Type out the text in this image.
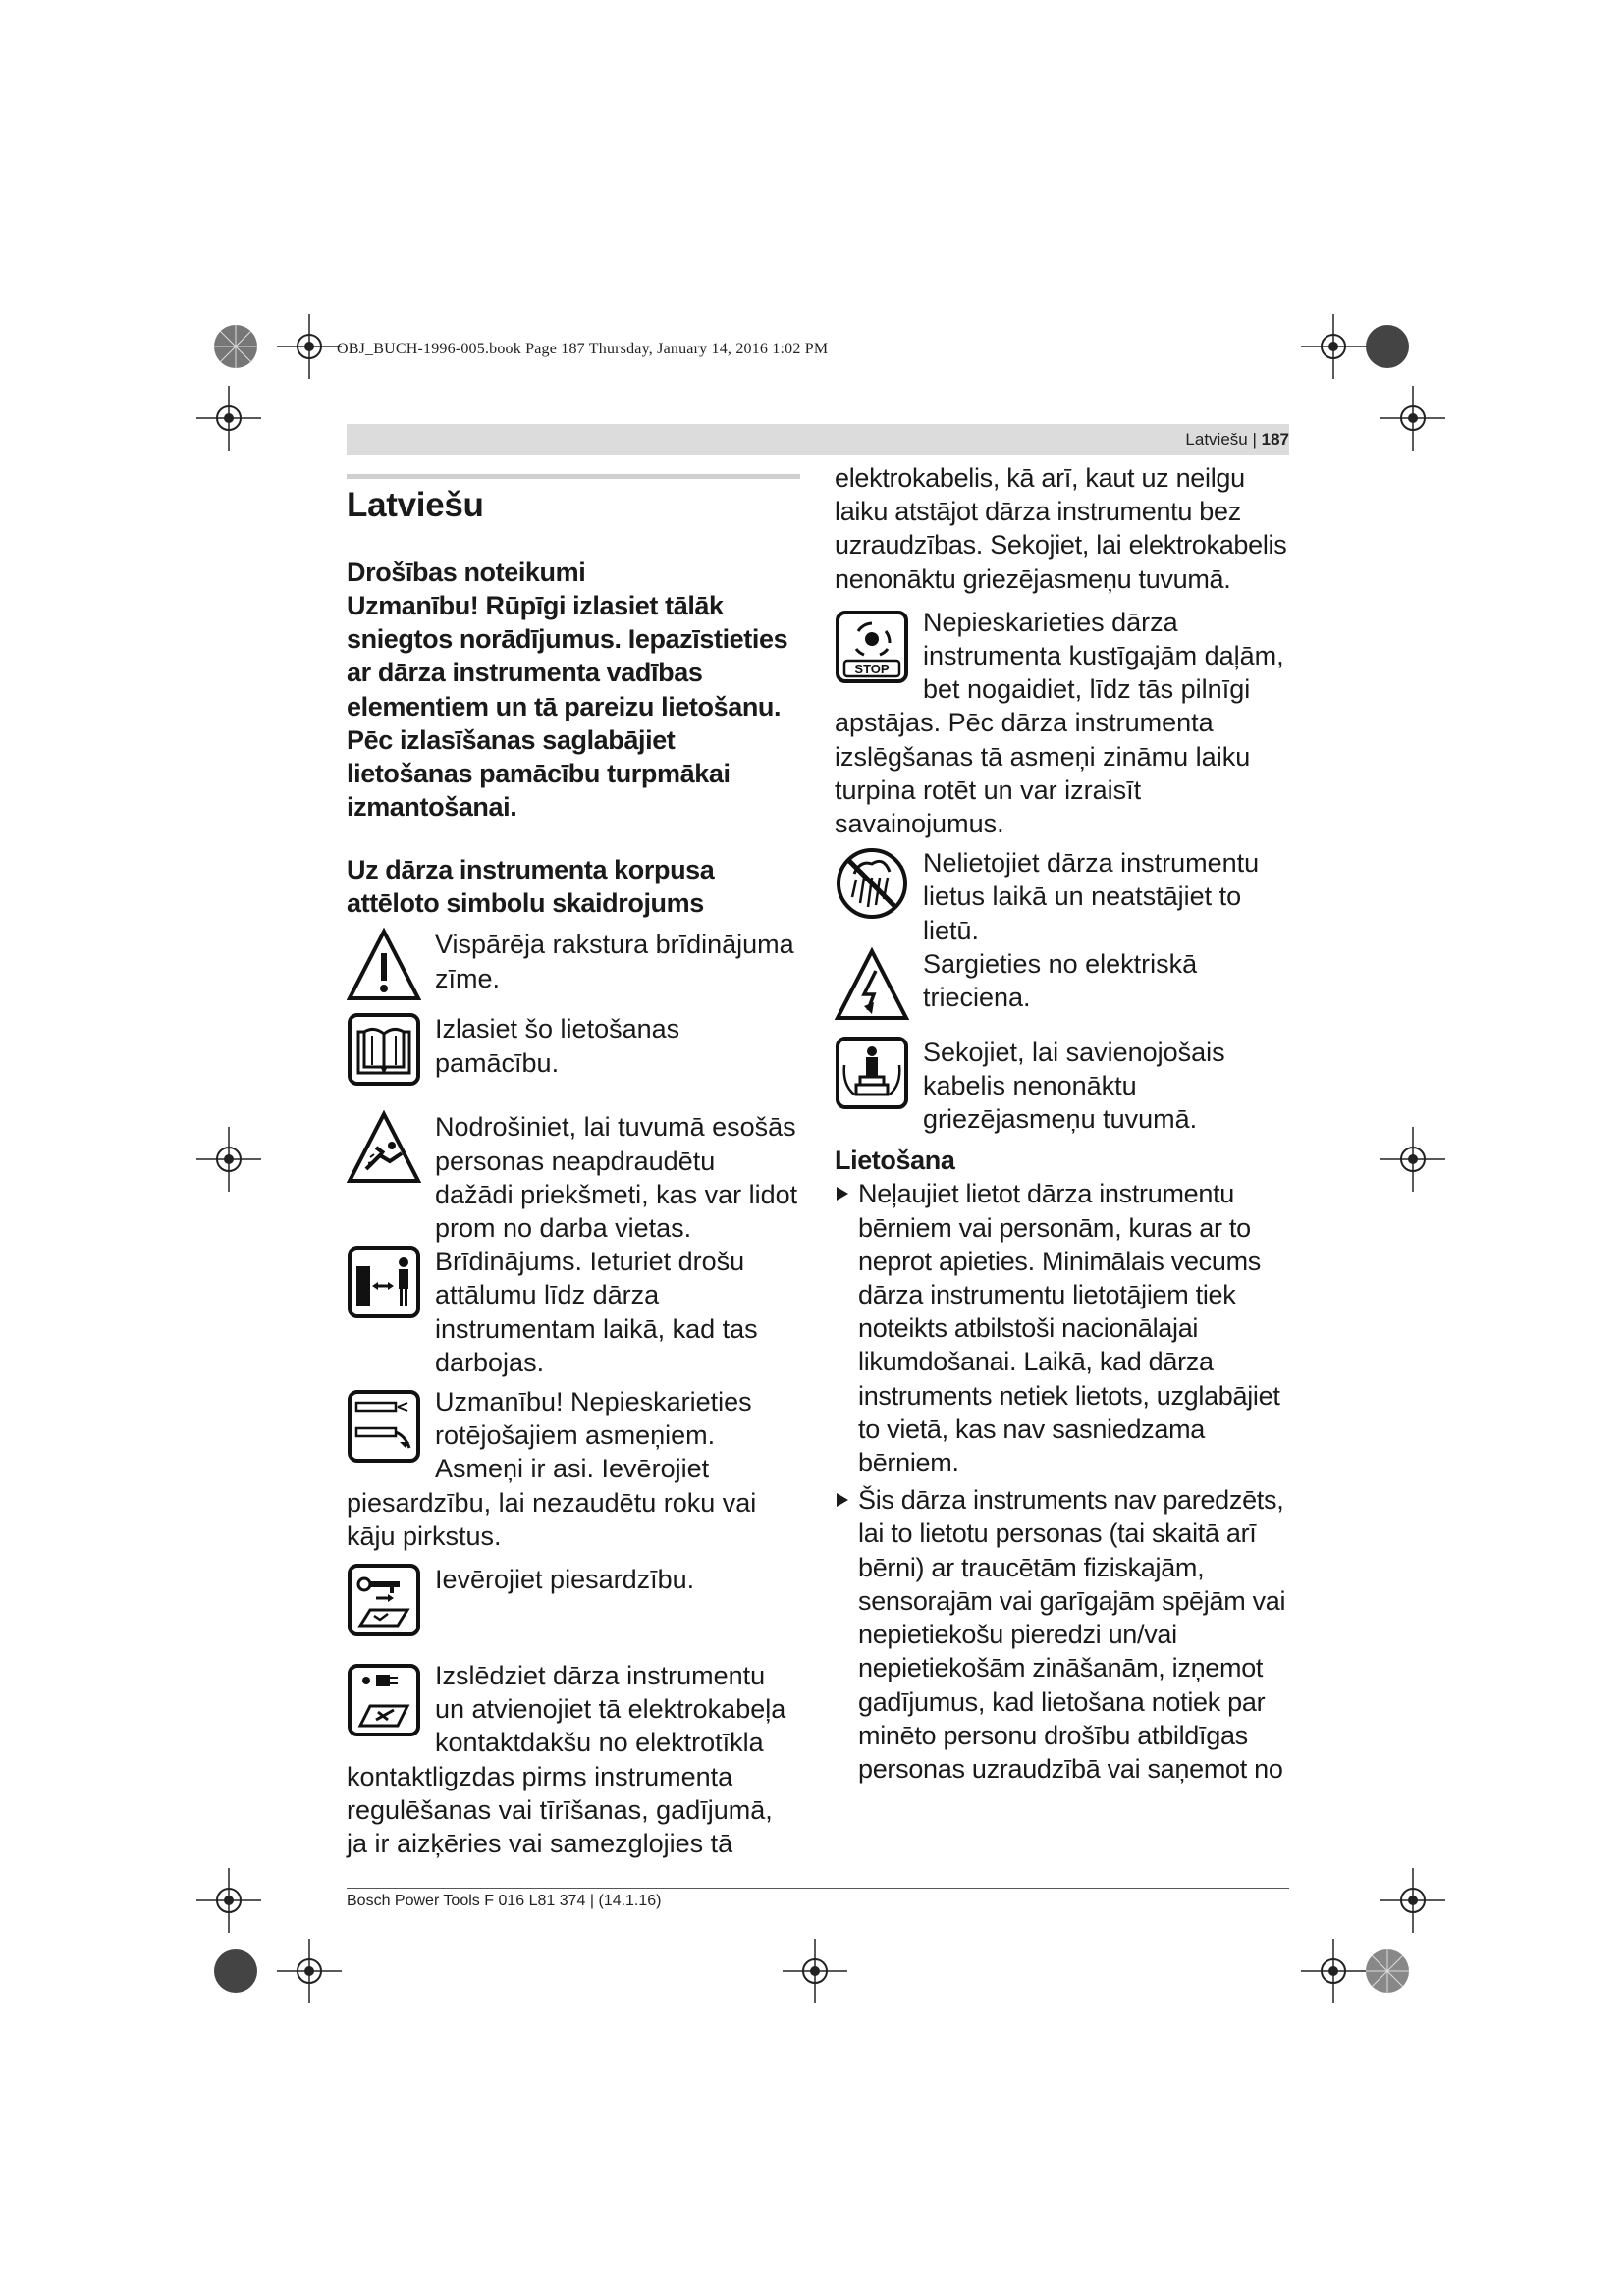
OBJ_BUCH-1996-005.book Page 187 Thursday, January 14, 2016 1:02 PM
Latviešu | 187
Latviešu
Drošības noteikumi

Uzmanību! Rūpīgi izlasiet tālāk sniegtos norādījumus. Iepazīstieties ar dārza instrumenta vadības elementiem un tā pareizu lietošanu.

Pēc izlasīšanas saglabājiet lietošanas pamācību turpmākai izmantošanai.

Uz dārza instrumenta korpusa attēloto simbolu skaidrojums
Vispārēja rakstura brīdinājuma zīme.
Izlasiet šo lietošanas pamācību.
Nodrošiniet, lai tuvumā esošās personas neapdraudētu dažādi priekšmeti, kas var lidot prom no darba vietas.
Brīdinājums. Ieturiet drošu attālumu līdz dārza instrumentam laikā, kad tas darbojas.
Uzmanību! Nepieskarieties rotējošajiem asmeņiem. Asmeņi ir asi. Ievērojiet piesardzību, lai nezaudētu roku vai kāju pirkstus.
Ievērojiet piesardzību.
Izslēdziet dārza instrumentu un atvienojiet tā elektrokabeļa kontaktdakšu no elektrotīkla kontaktligzdas pirms instrumenta regulēšanas vai tīrīšanas, gadījumā, ja ir aizķēries vai samezglojies tā

elektrokabelis, kā arī, kaut uz neilgu laiku atstājot dārza instrumentu bez uzraudzības. Sekojiet, lai elektrokabelis nenonāktu griezējasmeņu tuvumā.

STOP
Nepieskarieties dārza instrumenta kustīgajām daļām, bet nogaidiet, līdz tās pilnīgi apstājas. Pēc dārza instrumenta izslēgšanas tā asmeņi zināmu laiku turpina rotēt un var izraisīt savainojumus.
Nelietojiet dārza instrumentu lietus laikā un neatstājiet to lietū.
Sargieties no elektriskā trieciena.
Sekojiet, lai savienojošais kabelis nenonāktu griezējasmeņu tuvumā.
Lietošana
Neļaujiet lietot dārza instrumentu bērniem vai personām, kuras ar to neprot apieties. Minimālais vecums dārza instrumentu lietotājiem tiek noteikts atbilstoši nacionālajai likumdošanai. Laikā, kad dārza instruments netiek lietots, uzglabājiet to vietā, kas nav sasniedzama bērniem.
Šis dārza instruments nav paredzēts, lai to lietotu personas (tai skaitā arī bērni) ar traucētām fiziskajām, sensorajām vai garīgajām spējām vai nepietiekošu pieredzi un/vai nepietiekošām zināšanām, izņemot gadījumus, kad lietošana notiek par minēto personu drošību atbildīgas personas uzraudzībā vai saņemot no
Bosch Power Tools F 016 L81 374 | (14.1.16)
